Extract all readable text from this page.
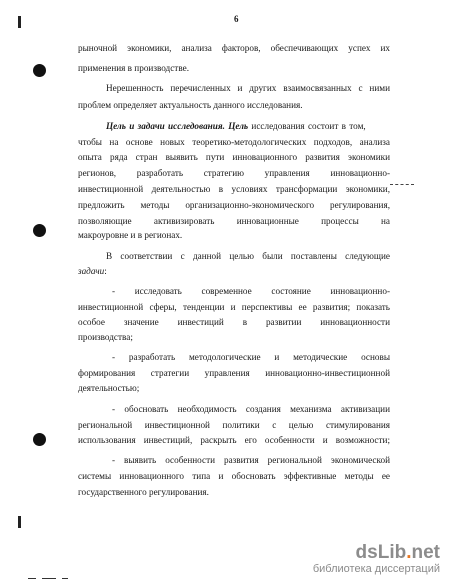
6
рыночной экономики, анализа факторов, обеспечивающих успех их
применения в производстве.
Нерешенность перечисленных и других взаимосвязанных с ними
проблем определяет актуальность данного исследования.
Цель и задачи исследования. Цель исследования состоит в том,
чтобы на основе новых теоретико-методологических подходов, анализа
опыта ряда стран выявить пути инновационного развития экономики
регионов, разработать стратегию управления инновационно-
инвестиционной деятельностью в условиях трансформации экономики,
предложить методы организационно-экономического регулирования,
позволяющие активизировать инновационные процессы на
макроуровне и в регионах.
В соответствии с данной целью были поставлены следующие
задачи:
- исследовать современное состояние инновационно-
инвестиционной сферы, тенденции и перспективы ее развития; показать
особое значение инвестиций в развитии инновационности
производства;
- разработать методологические и методические основы
формирования стратегии управления инновационно-инвестиционной
деятельностью;
- обосновать необходимость создания механизма активизации
региональной инвестиционной политики с целью стимулирования
использования инвестиций, раскрыть его особенности и возможности;
- выявить особенности развития региональной экономической
системы инновационного типа и обосновать эффективные методы ее
государственного регулирования.
dsLib.net
библиотека диссертаций
